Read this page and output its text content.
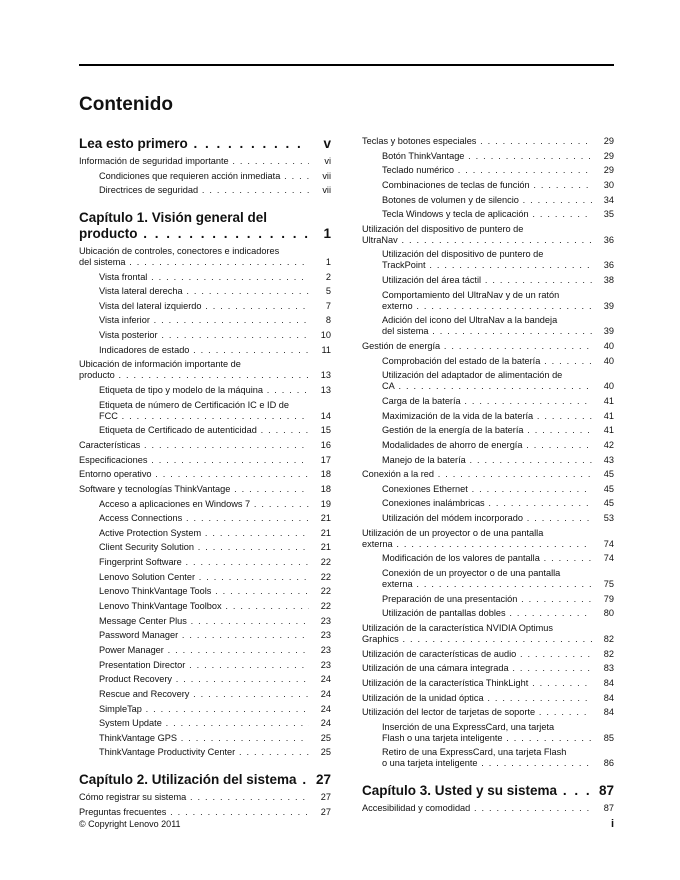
Contenido
Lea esto primero . . .	v
Información de seguridad importante . . .	vi
Condiciones que requieren acción inmediata . . .	vii
Directrices de seguridad . . .	vii
Capítulo 1. Visión general del
producto . . .	1
Ubicación de controles, conectores e indicadores
del sistema . . .	1
Vista frontal . . .	2
Vista lateral derecha . . .	5
Vista del lateral izquierdo . . .	7
Vista inferior . . .	8
Vista posterior . . .	10
Indicadores de estado . . .	11
Ubicación de información importante de
producto . . .	13
Etiqueta de tipo y modelo de la máquina . . .	13
Etiqueta de número de Certificación IC e ID de
FCC . . .	14
Etiqueta de Certificado de autenticidad . . .	15
Características . . .	16
Especificaciones . . .	17
Entorno operativo . . .	18
Software y tecnologías ThinkVantage . . .	18
Acceso a aplicaciones en Windows 7 . . .	19
Access Connections . . .	21
Active Protection System . . .	21
Client Security Solution . . .	21
Fingerprint Software . . .	22
Lenovo Solution Center . . .	22
Lenovo ThinkVantage Tools . . .	22
Lenovo ThinkVantage Toolbox . . .	22
Message Center Plus . . .	23
Password Manager . . .	23
Power Manager . . .	23
Presentation Director . . .	23
Product Recovery . . .	24
Rescue and Recovery . . .	24
SimpleTap . . .	24
System Update . . .	24
ThinkVantage GPS . . .	25
ThinkVantage Productivity Center . . .	25
Capítulo 2. Utilización del sistema . . .	27
Cómo registrar su sistema . . .	27
Preguntas frecuentes . . .	27
Teclas y botones especiales . . .	29
Botón ThinkVantage . . .	29
Teclado numérico . . .	29
Combinaciones de teclas de función . . .	30
Botones de volumen y de silencio . . .	34
Tecla Windows y tecla de aplicación . . .	35
Utilización del dispositivo de puntero de
UltraNav . . .	36
Utilización del dispositivo de puntero de
TrackPoint . . .	36
Utilización del área táctil . . .	38
Comportamiento del UltraNav y de un ratón
externo . . .	39
Adición del icono del UltraNav a la bandeja
del sistema . . .	39
Gestión de energía . . .	40
Comprobación del estado de la batería . . .	40
Utilización del adaptador de alimentación de
CA . . .	40
Carga de la batería . . .	41
Maximización de la vida de la batería . . .	41
Gestión de la energía de la batería . . .	41
Modalidades de ahorro de energía . . .	42
Manejo de la batería . . .	43
Conexión a la red . . .	45
Conexiones Ethernet . . .	45
Conexiones inalámbricas . . .	45
Utilización del módem incorporado . . .	53
Utilización de un proyector o de una pantalla
externa . . .	74
Modificación de los valores de pantalla . . .	74
Conexión de un proyector o de una pantalla
externa . . .	75
Preparación de una presentación . . .	79
Utilización de pantallas dobles . . .	80
Utilización de la característica NVIDIA Optimus
Graphics . . .	82
Utilización de características de audio . . .	82
Utilización de una cámara integrada . . .	83
Utilización de la característica ThinkLight . . .	84
Utilización de la unidad óptica . . .	84
Utilización del lector de tarjetas de soporte . . .	84
Inserción de una ExpressCard, una tarjeta
Flash o una tarjeta inteligente . . .	85
Retiro de una ExpressCard, una tarjeta Flash
o una tarjeta inteligente . . .	86
Capítulo 3. Usted y su sistema . . .	87
Accesibilidad y comodidad . . .	87
© Copyright Lenovo 2011	i
